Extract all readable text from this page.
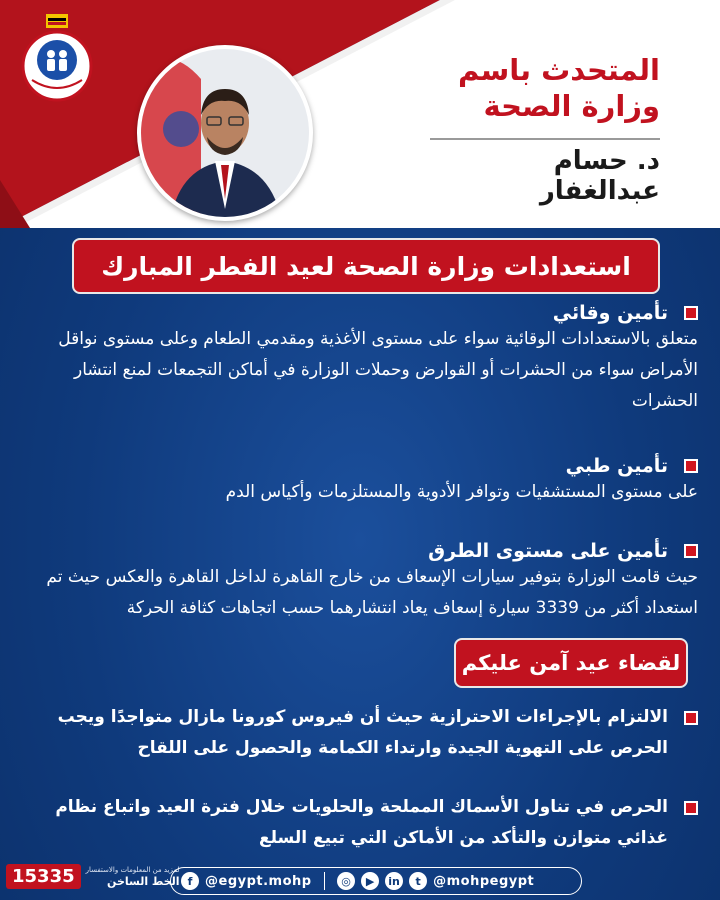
المتحدث باسم
وزارة الصحة
د. حسام عبدالغفار
استعدادات وزارة الصحة لعيد الفطر المبارك
تأمين وقائي
متعلق بالاستعدادات الوقائية سواء على مستوى الأغذية ومقدمي الطعام وعلى مستوى نواقل الأمراض سواء من الحشرات أو القوارض وحملات الوزارة في أماكن التجمعات لمنع انتشار الحشرات
تأمين طبي
على مستوى المستشفيات وتوافر الأدوية والمستلزمات وأكياس الدم
تأمين على مستوى الطرق
حيث قامت الوزارة بتوفير سيارات الإسعاف من خارج القاهرة لداخل القاهرة والعكس حيث تم استعداد أكثر من 3339 سيارة إسعاف يعاد انتشارهما حسب اتجاهات كثافة الحركة
لقضاء عيد آمن عليكم
الالتزام بالإجراءات الاحترازية حيث أن فيروس كورونا مازال متواجدًا ويجب الحرص على التهوية الجيدة وارتداء الكمامة والحصول على اللقاح
الحرص في تناول الأسماك المملحة والحلويات خلال فترة العيد واتباع نظام غذائي متوازن والتأكد من الأماكن التي تبيع السلع
15335	لمزيد من المعلومات والاستفسار
الخط الساخن f @egypt.mohp	◎	▶	in	t @mohpegypt
